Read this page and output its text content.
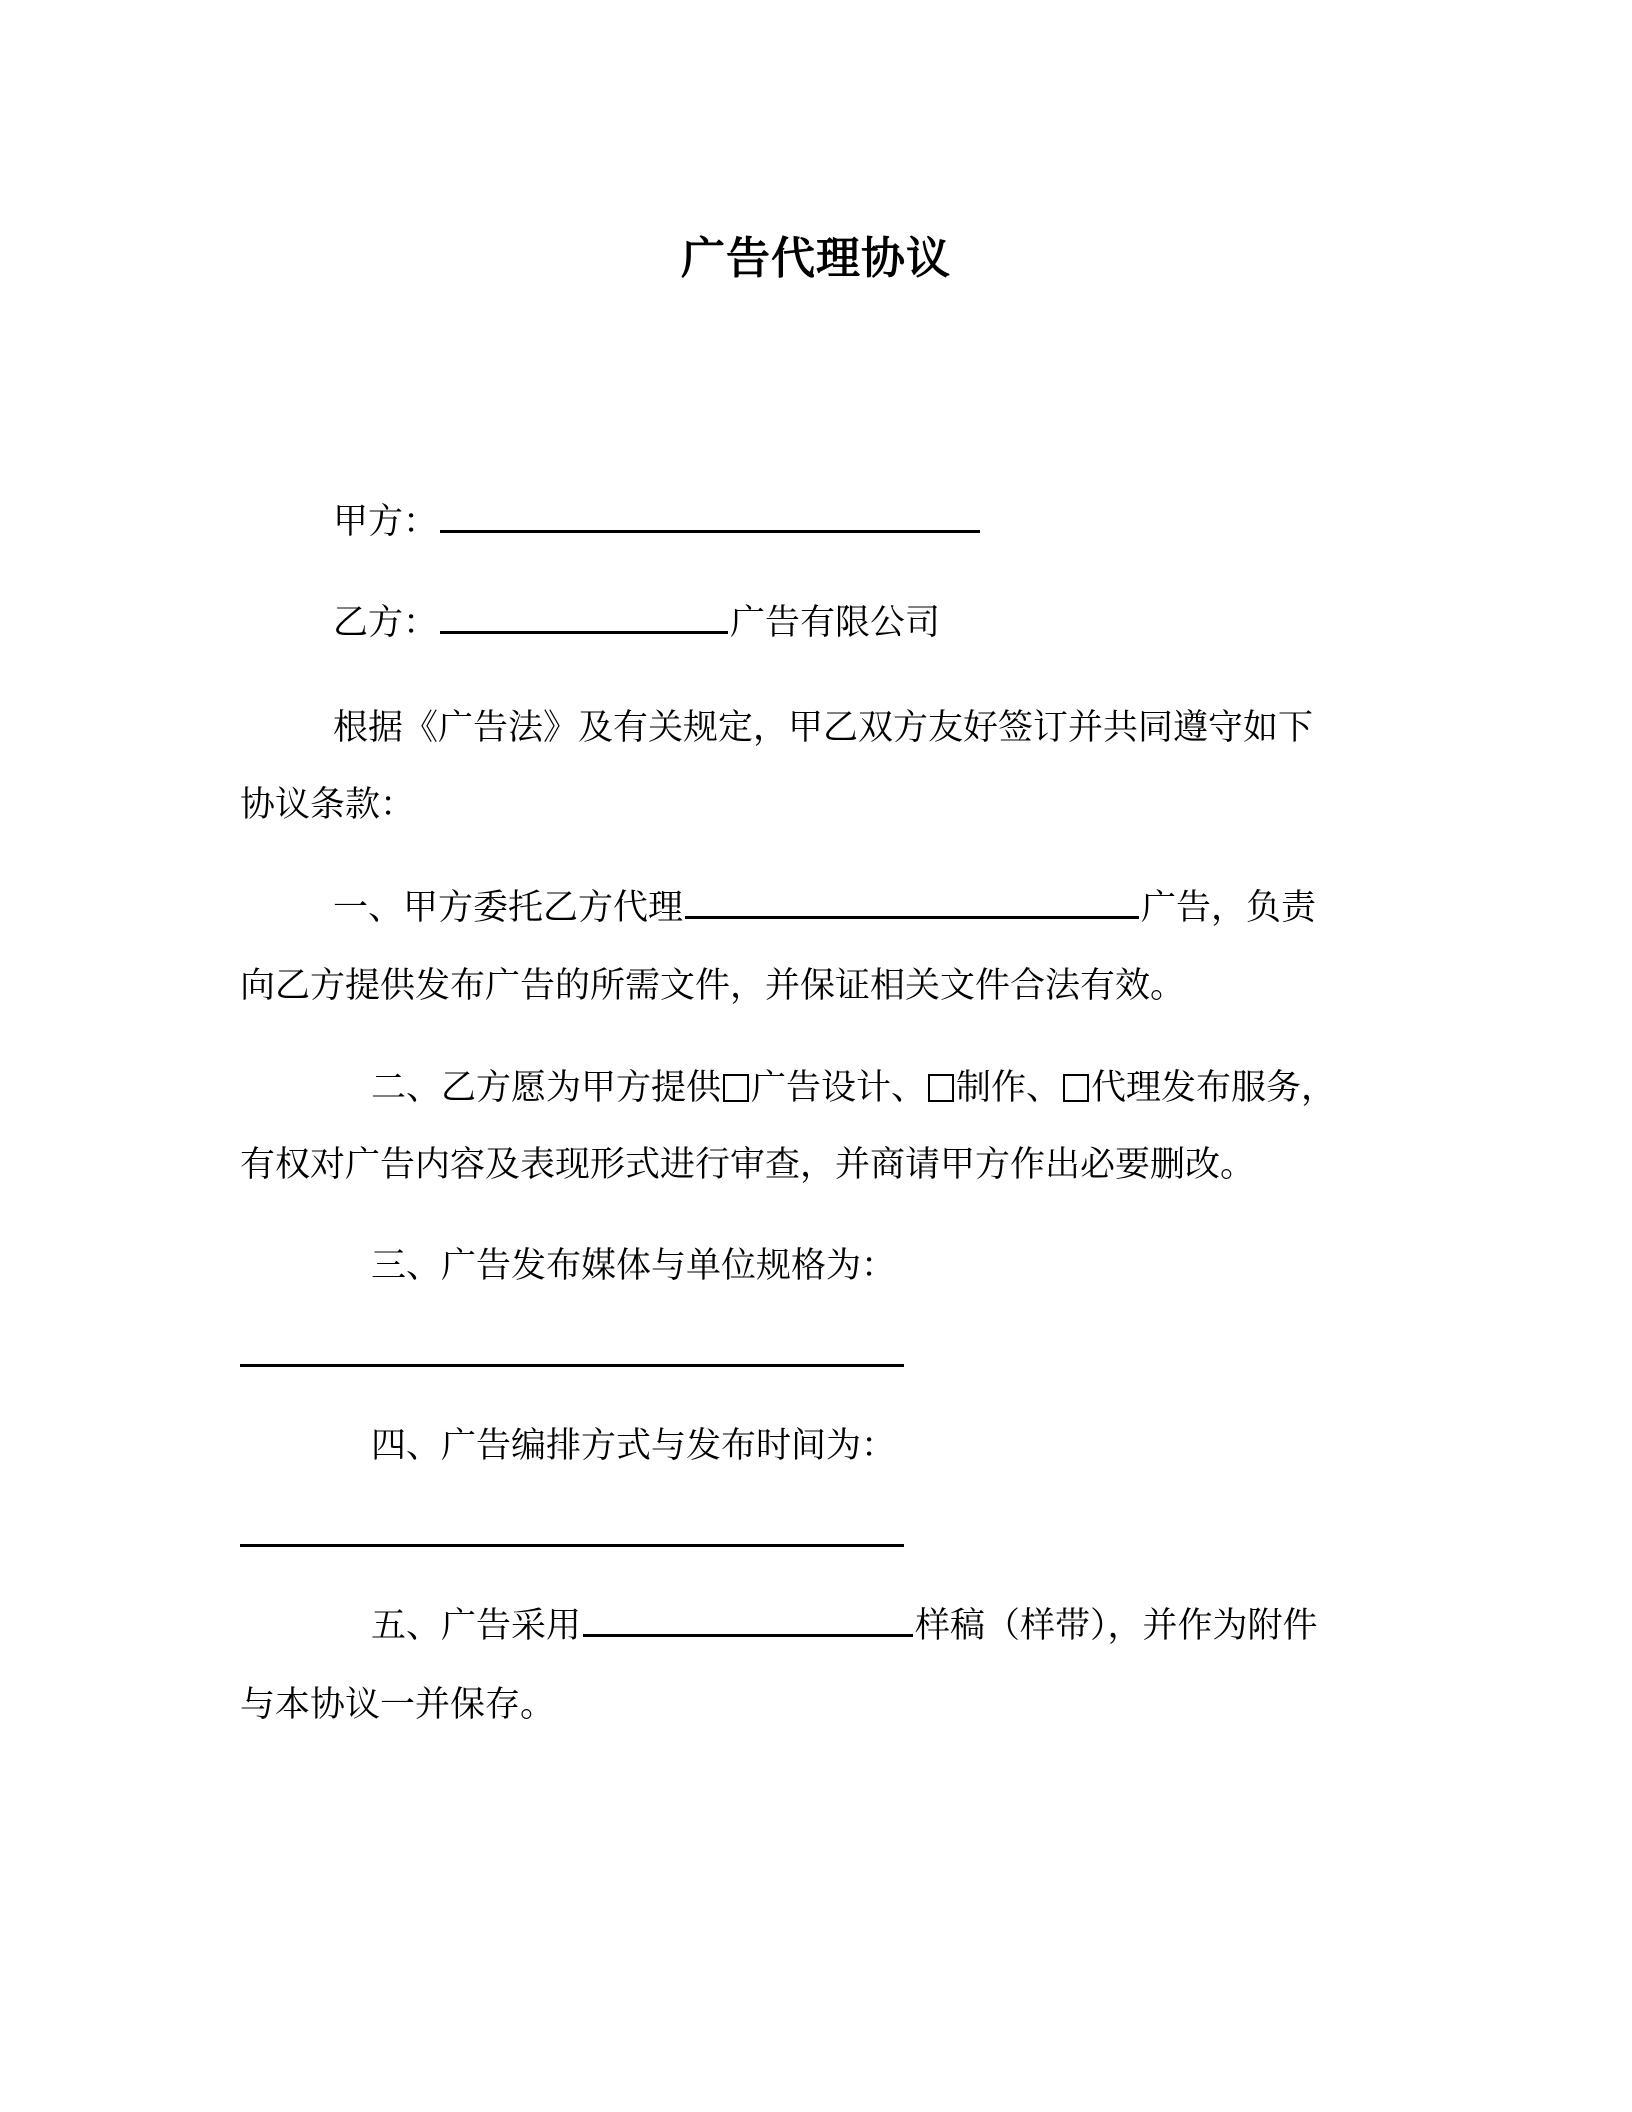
广告代理协议
甲方：
乙方：	广告有限公司
根据《广告法》及有关规定，甲乙双方友好签订并共同遵守如下
协议条款：
一、甲方委托乙方代理	广告，负责
向乙方提供发布广告的所需文件，并保证相关文件合法有效。
二、乙方愿为甲方提供 广告设计、 制作、 代理发布服务，
有权对广告内容及表现形式进行审查，并商请甲方作出必要删改。
三、广告发布媒体与单位规格为：
四、广告编排方式与发布时间为：
五、广告采用	样稿（样带），并作为附件
与本协议一并保存。
